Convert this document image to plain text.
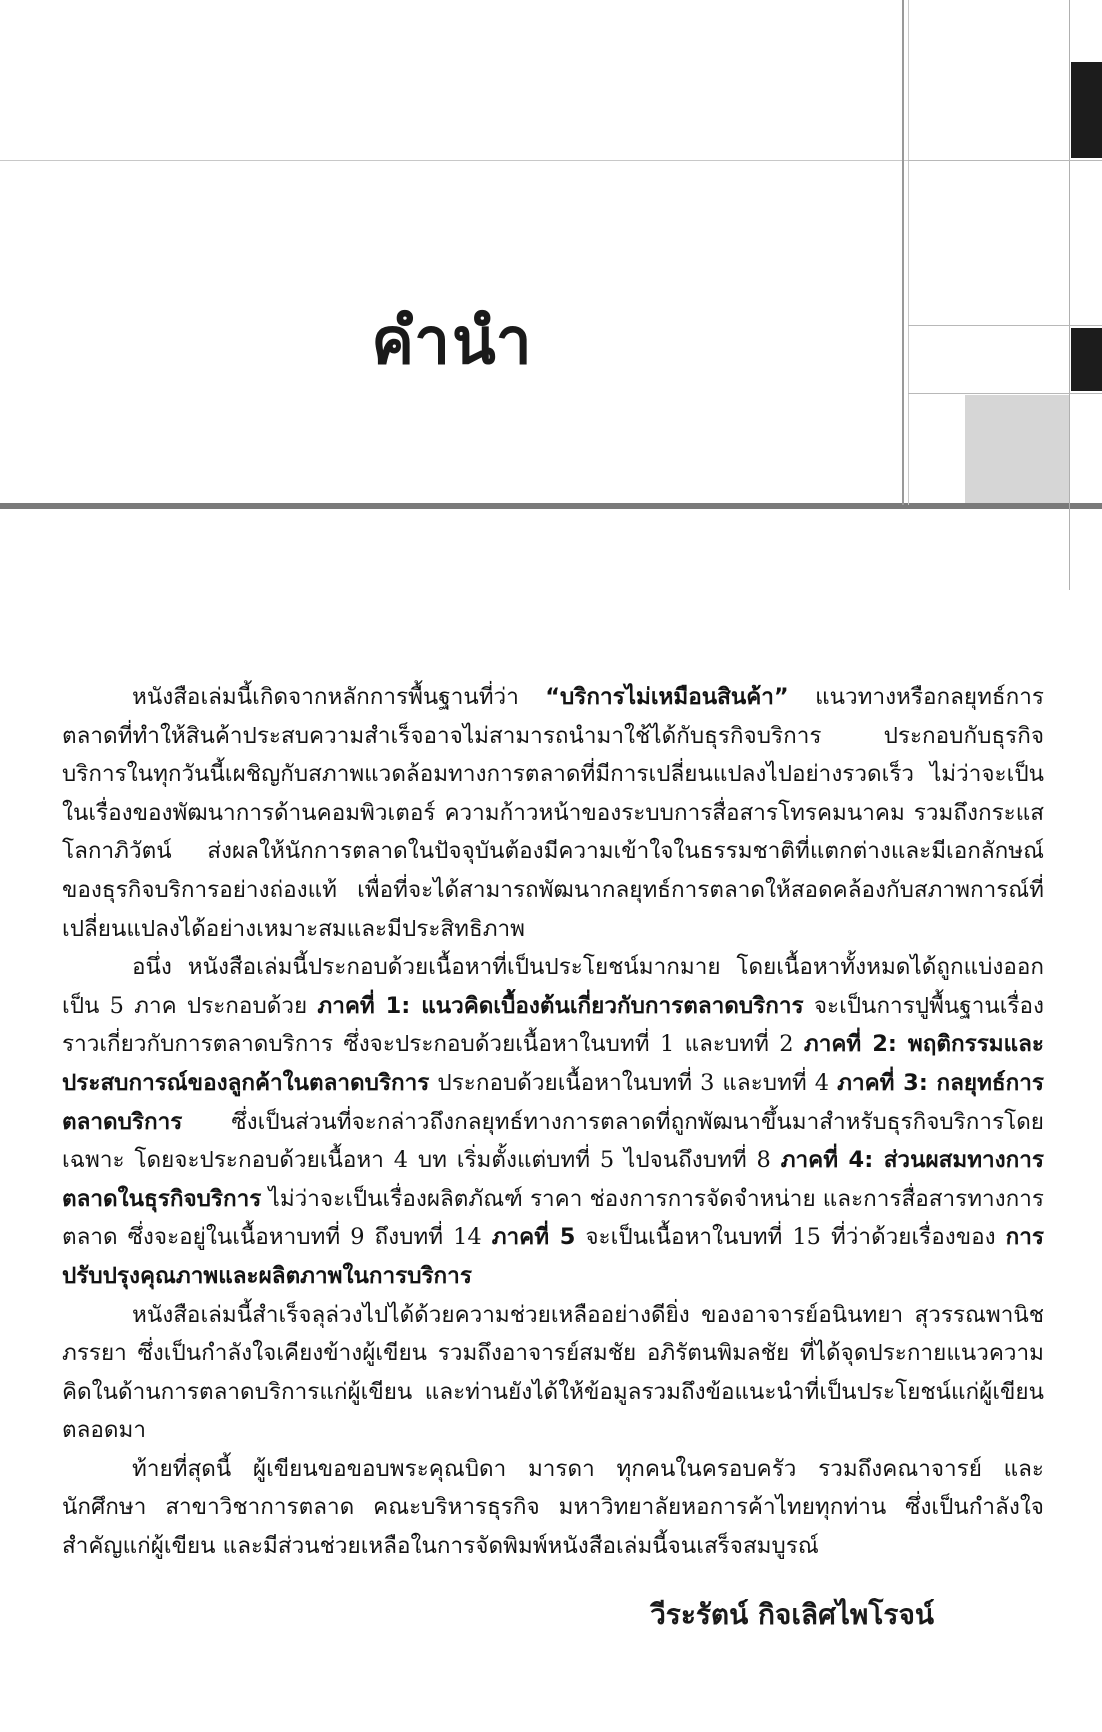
คำนำ

หนังสือเล่มนี้เกิดจากหลักการพื้นฐานที่ว่า “บริการไม่เหมือนสินค้า” แนวทางหรือกลยุทธ์การตลาดที่ทำให้สินค้าประสบความสำเร็จอาจไม่สามารถนำมาใช้ได้กับธุรกิจบริการ ประกอบกับธุรกิจบริการในทุกวันนี้เผชิญกับสภาพแวดล้อมทางการตลาดที่มีการเปลี่ยนแปลงไปอย่างรวดเร็ว ไม่ว่าจะเป็นในเรื่องของพัฒนาการด้านคอมพิวเตอร์ ความก้าวหน้าของระบบการสื่อสารโทรคมนาคม รวมถึงกระแสโลกาภิวัตน์ ส่งผลให้นักการตลาดในปัจจุบันต้องมีความเข้าใจในธรรมชาติที่แตกต่างและมีเอกลักษณ์ของธุรกิจบริการอย่างถ่องแท้ เพื่อที่จะได้สามารถพัฒนากลยุทธ์การตลาดให้สอดคล้องกับสภาพการณ์ที่เปลี่ยนแปลงได้อย่างเหมาะสมและมีประสิทธิภาพ

อนึ่ง หนังสือเล่มนี้ประกอบด้วยเนื้อหาที่เป็นประโยชน์มากมาย โดยเนื้อหาทั้งหมดได้ถูกแบ่งออกเป็น 5 ภาค ประกอบด้วย ภาคที่ 1: แนวคิดเบื้องต้นเกี่ยวกับการตลาดบริการ จะเป็นการปูพื้นฐานเรื่องราวเกี่ยวกับการตลาดบริการ ซึ่งจะประกอบด้วยเนื้อหาในบทที่ 1 และบทที่ 2 ภาคที่ 2: พฤติกรรมและประสบการณ์ของลูกค้าในตลาดบริการ ประกอบด้วยเนื้อหาในบทที่ 3 และบทที่ 4 ภาคที่ 3: กลยุทธ์การตลาดบริการ ซึ่งเป็นส่วนที่จะกล่าวถึงกลยุทธ์ทางการตลาดที่ถูกพัฒนาขึ้นมาสำหรับธุรกิจบริการโดยเฉพาะ โดยจะประกอบด้วยเนื้อหา 4 บท เริ่มตั้งแต่บทที่ 5 ไปจนถึงบทที่ 8 ภาคที่ 4: ส่วนผสมทางการตลาดในธุรกิจบริการ ไม่ว่าจะเป็นเรื่องผลิตภัณฑ์ ราคา ช่องการการจัดจำหน่าย และการสื่อสารทางการตลาด ซึ่งจะอยู่ในเนื้อหาบทที่ 9 ถึงบทที่ 14 ภาคที่ 5 จะเป็นเนื้อหาในบทที่ 15 ที่ว่าด้วยเรื่องของ การปรับปรุงคุณภาพและผลิตภาพในการบริการ

หนังสือเล่มนี้สำเร็จลุล่วงไปได้ด้วยความช่วยเหลืออย่างดียิ่ง ของอาจารย์อนินทยา สุวรรณพานิช ภรรยา ซึ่งเป็นกำลังใจเคียงข้างผู้เขียน รวมถึงอาจารย์สมชัย อภิรัตนพิมลชัย ที่ได้จุดประกายแนวความคิดในด้านการตลาดบริการแก่ผู้เขียน และท่านยังได้ให้ข้อมูลรวมถึงข้อแนะนำที่เป็นประโยชน์แก่ผู้เขียนตลอดมา

ท้ายที่สุดนี้ ผู้เขียนขอขอบพระคุณบิดา มารดา ทุกคนในครอบครัว รวมถึงคณาจารย์ และนักศึกษา สาขาวิชาการตลาด คณะบริหารธุรกิจ มหาวิทยาลัยหอการค้าไทยทุกท่าน ซึ่งเป็นกำลังใจสำคัญแก่ผู้เขียน และมีส่วนช่วยเหลือในการจัดพิมพ์หนังสือเล่มนี้จนเสร็จสมบูรณ์

วีระรัตน์ กิจเลิศไพโรจน์
